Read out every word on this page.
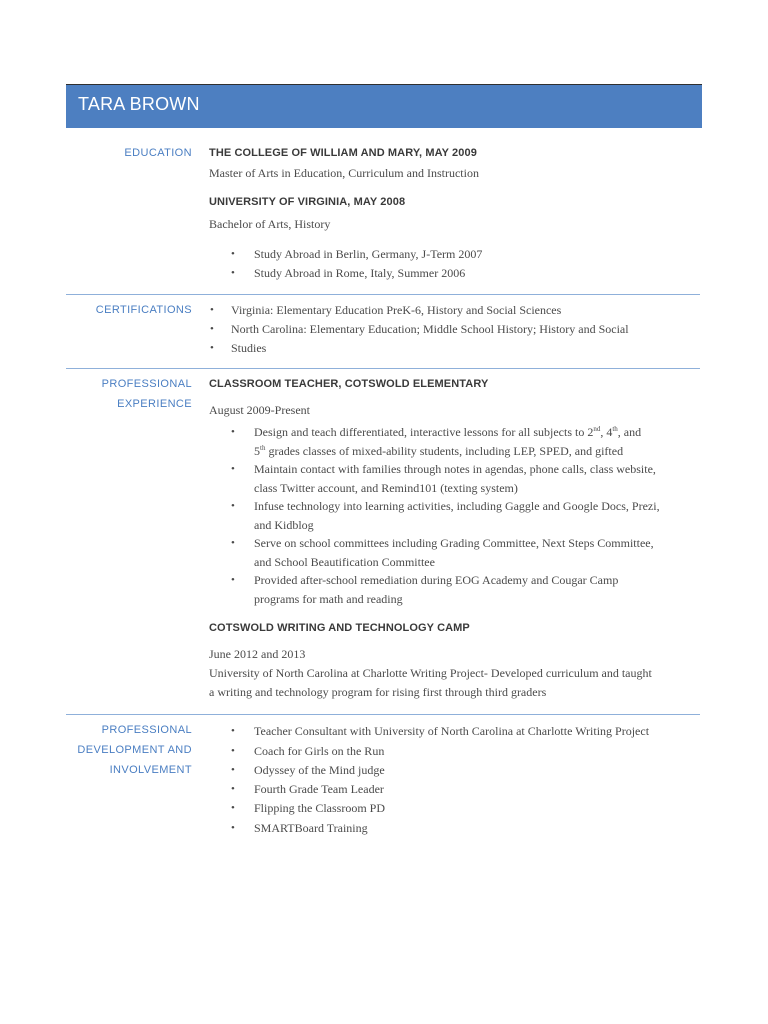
TARA BROWN
EDUCATION THE COLLEGE OF WILLIAM AND MARY, MAY 2009
Master of Arts in Education, Curriculum and Instruction
UNIVERSITY OF VIRGINIA, MAY 2008
Bachelor of Arts, History
• Study Abroad in Berlin, Germany, J-Term 2007
• Study Abroad in Rome, Italy, Summer 2006
CERTIFICATIONS
•	Virginia: Elementary Education PreK-6, History and Social Sciences
• North Carolina: Elementary Education; Middle School History; History and Social
• Studies
PROFESSIONAL
EXPERIENCE
CLASSROOM TEACHER, COTSWOLD ELEMENTARY
August 2009-Present
• Design and teach differentiated, interactive lessons for all subjects to 2nd, 4th, and
5th grades classes of mixed-ability students, including LEP, SPED, and gifted
• Maintain contact with families through notes in agendas, phone calls, class website,
class Twitter account, and Remind101 (texting system)
• Infuse technology into learning activities, including Gaggle and Google Docs, Prezi,
and Kidblog
• Serve on school committees including Grading Committee, Next Steps Committee,
and School Beautification Committee
• Provided after-school remediation during EOG Academy and Cougar Camp
programs for math and reading
COTSWOLD WRITING AND TECHNOLOGY CAMP
June 2012 and 2013
University of North Carolina at Charlotte Writing Project- Developed curriculum and taught
a writing and technology program for rising first through third graders
PROFESSIONAL
DEVELOPMENT AND
INVOLVEMENT
• Teacher Consultant with University of North Carolina at Charlotte Writing Project
• Coach for Girls on the Run
• Odyssey of the Mind judge
• Fourth Grade Team Leader
• Flipping the Classroom PD
• SMARTBoard Training
